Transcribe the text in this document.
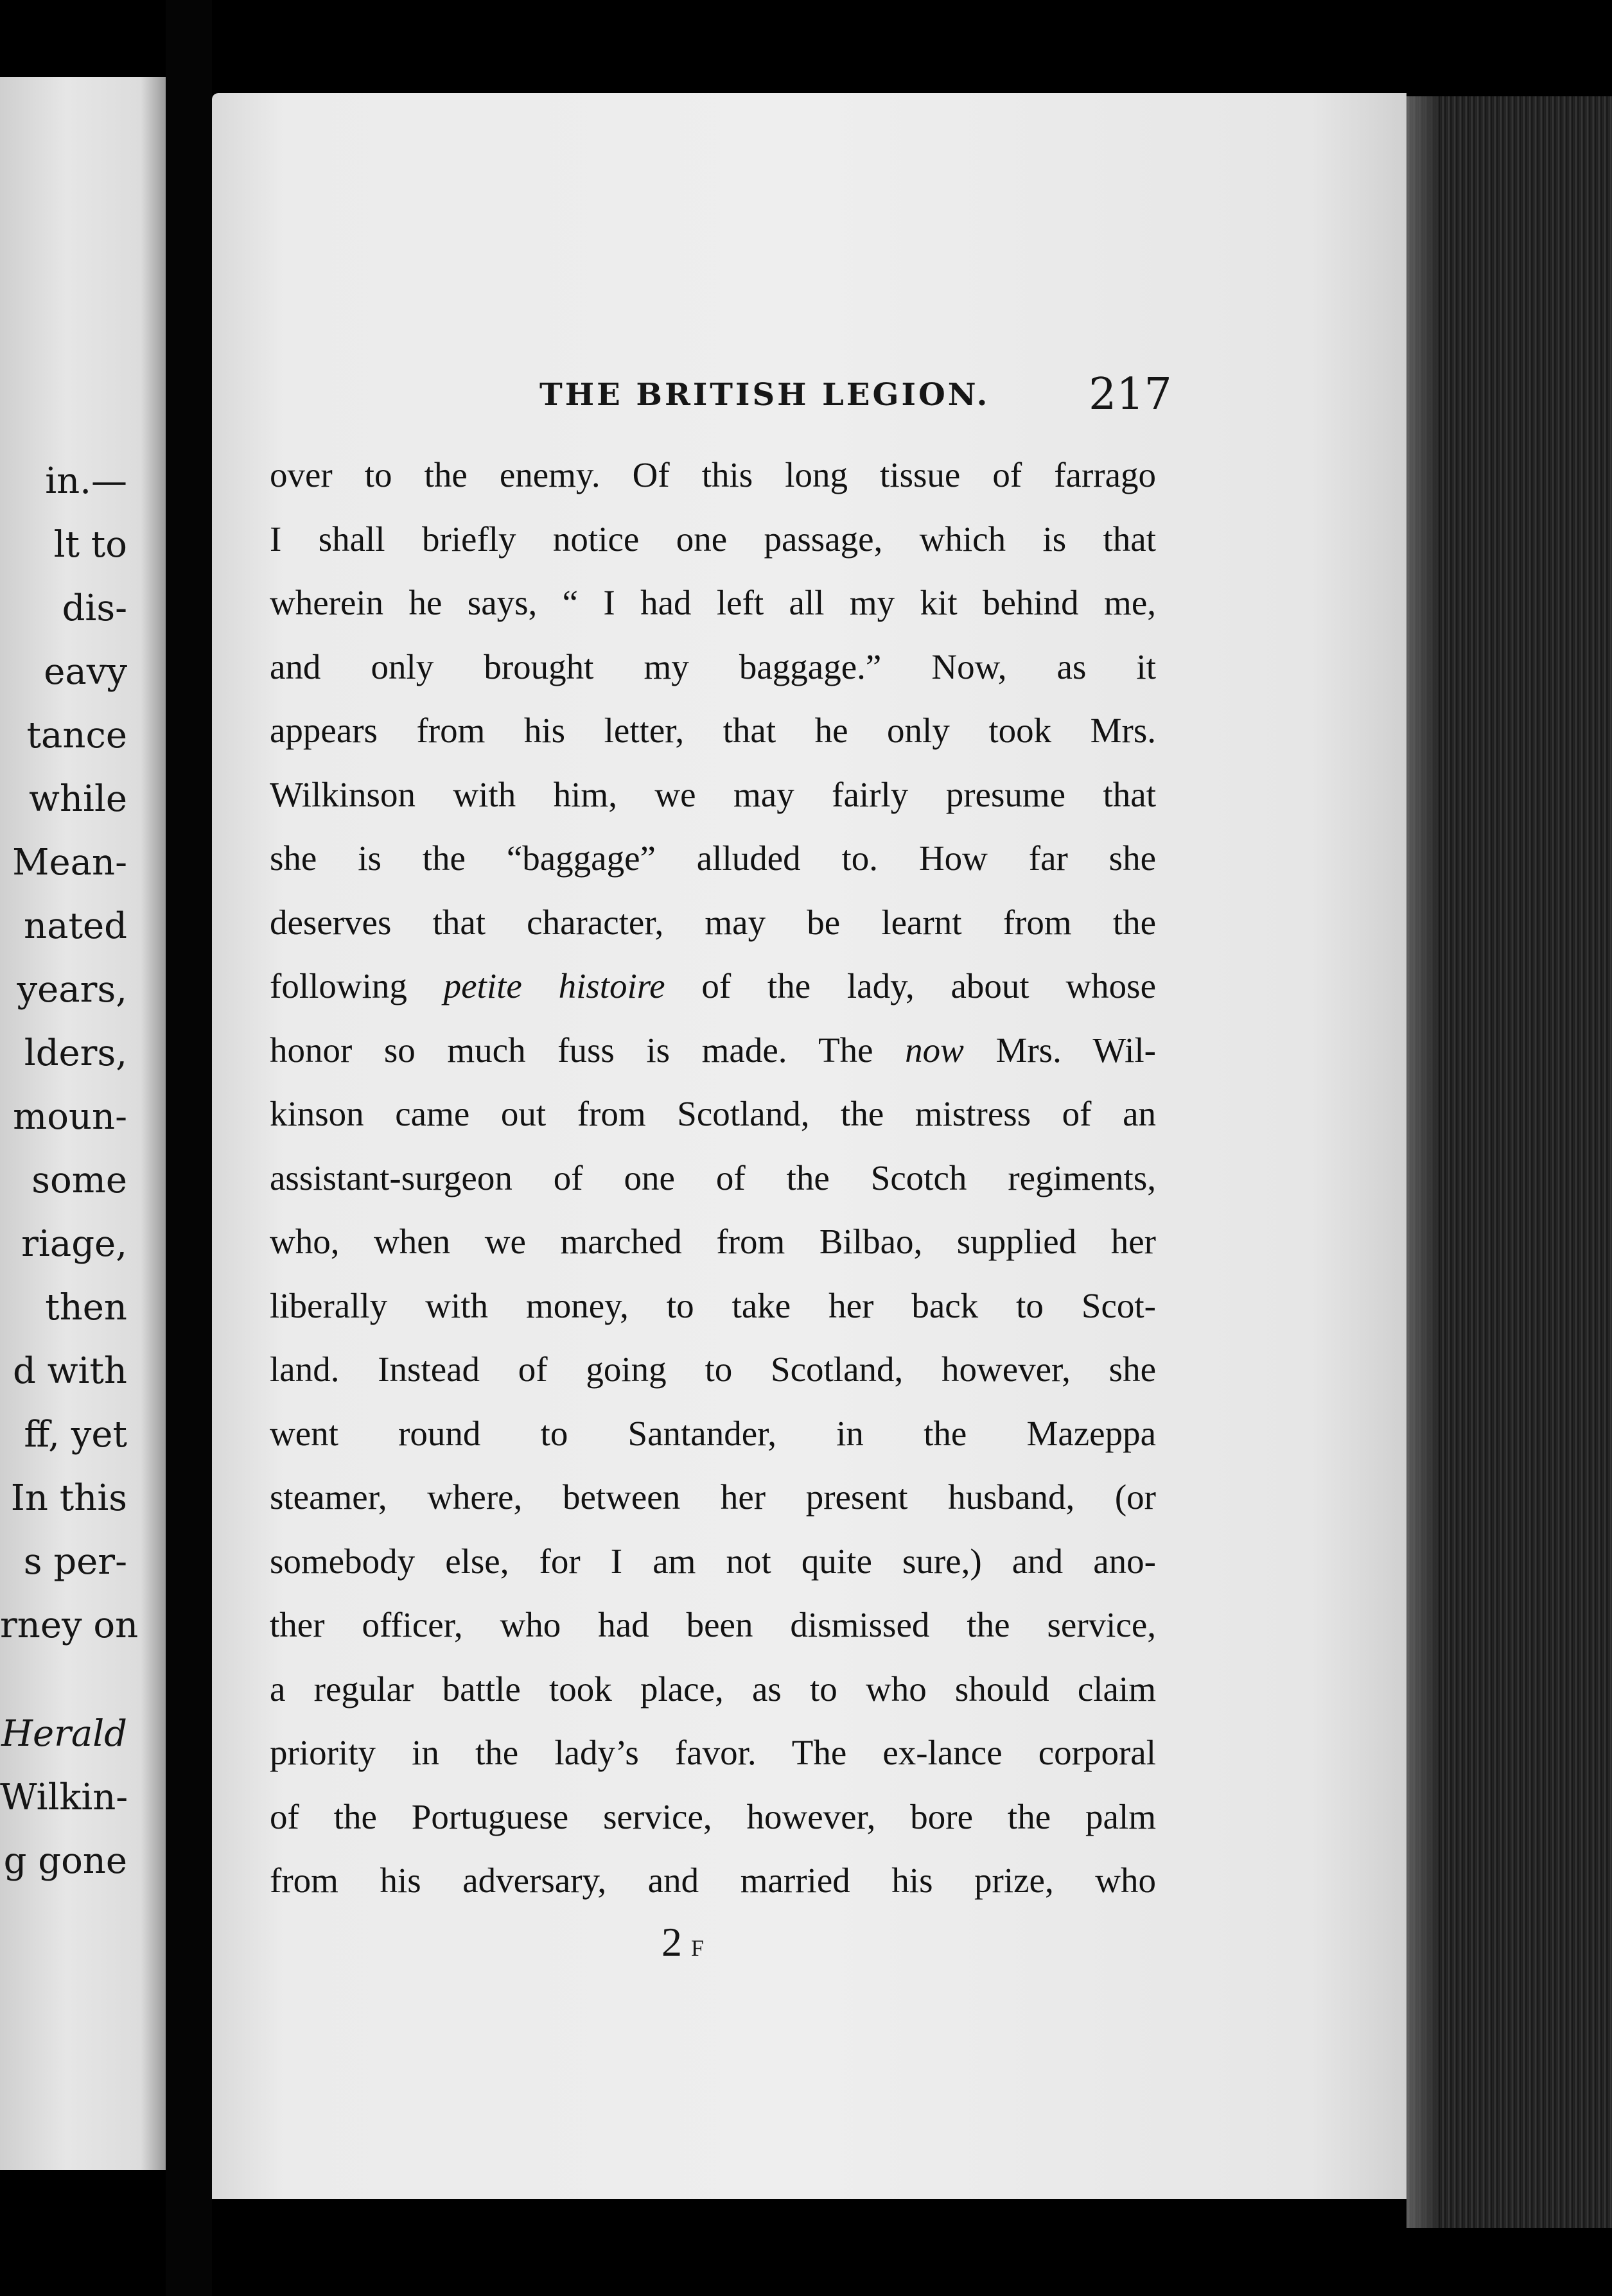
in.—
lt to
dis-
eavy
tance
while
Mean-
nated
years,
lders,
moun-
some
riage,
then
d with
ff, yet
In this
s per-
rney on
Herald
Wilkin-
g gone
THE BRITISH LEGION. 217
over to the enemy. Of this long tissue of farrago
I shall briefly notice one passage, which is that
wherein he says, “ I had left all my kit behind me,
and only brought my baggage.” Now, as it
appears from his letter, that he only took Mrs.
Wilkinson with him, we may fairly presume that
she is the “baggage” alluded to. How far she
deserves that character, may be learnt from the
following petite histoire of the lady, about whose
honor so much fuss is made. The now Mrs. Wil-
kinson came out from Scotland, the mistress of an
assistant-surgeon of one of the Scotch regiments,
who, when we marched from Bilbao, supplied her
liberally with money, to take her back to Scot-
land. Instead of going to Scotland, however, she
went round to Santander, in the Mazeppa
steamer, where, between her present husband, (or
somebody else, for I am not quite sure,) and ano-
ther officer, who had been dismissed the service,
a regular battle took place, as to who should claim
priority in the lady’s favor. The ex-lance corporal
of the Portuguese service, however, bore the palm
from his adversary, and married his prize, who
2 F
